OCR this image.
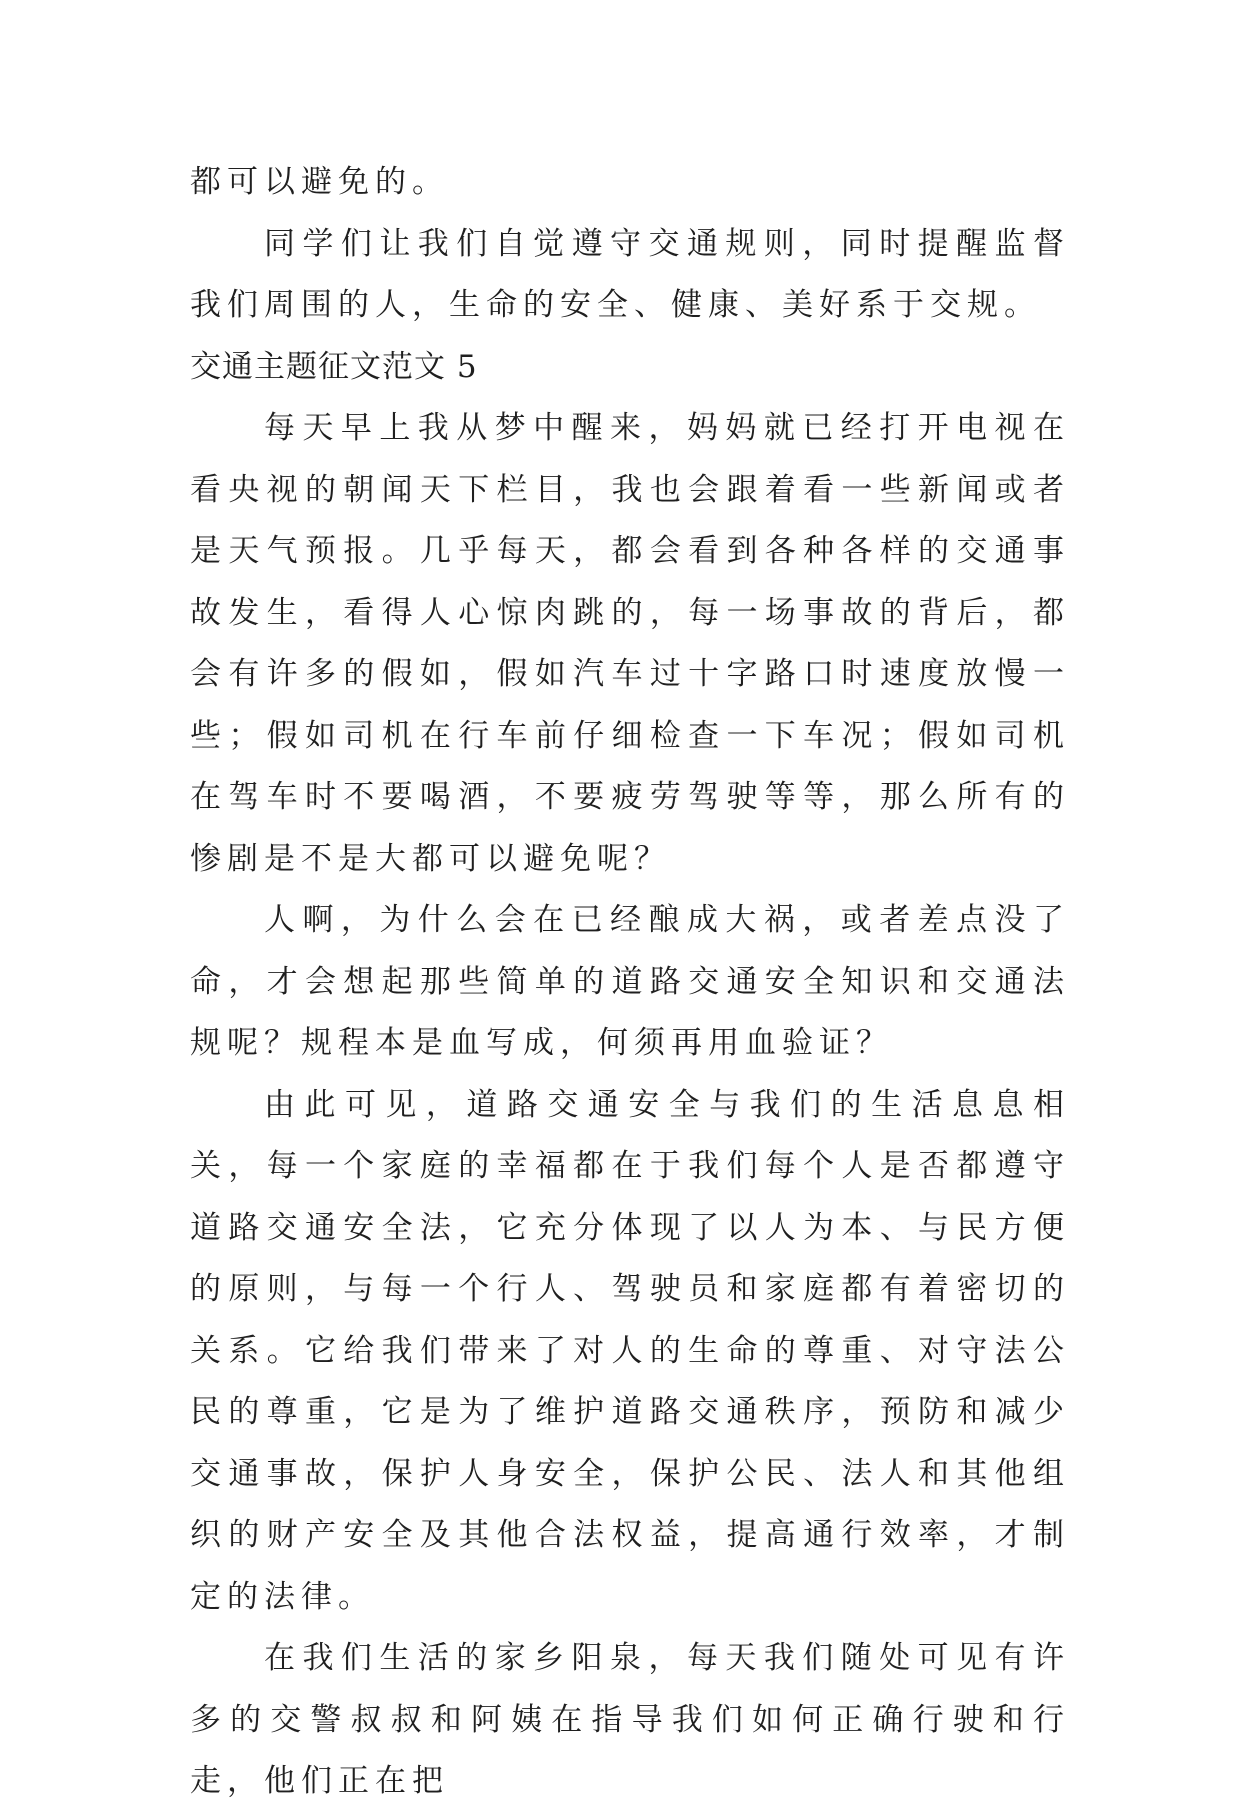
都可以避免的。

同学们让我们自觉遵守交通规则，同时提醒监督我们周围的人，生命的安全、健康、美好系于交规。

交通主题征文范文 5

每天早上我从梦中醒来，妈妈就已经打开电视在看央视的朝闻天下栏目，我也会跟着看一些新闻或者是天气预报。几乎每天，都会看到各种各样的交通事故发生，看得人心惊肉跳的，每一场事故的背后，都会有许多的假如，假如汽车过十字路口时速度放慢一些；假如司机在行车前仔细检查一下车况；假如司机在驾车时不要喝酒，不要疲劳驾驶等等，那么所有的惨剧是不是大都可以避免呢？

人啊，为什么会在已经酿成大祸，或者差点没了命，才会想起那些简单的道路交通安全知识和交通法规呢？规程本是血写成，何须再用血验证？

由此可见，道路交通安全与我们的生活息息相关，每一个家庭的幸福都在于我们每个人是否都遵守道路交通安全法，它充分体现了以人为本、与民方便的原则，与每一个行人、驾驶员和家庭都有着密切的关系。它给我们带来了对人的生命的尊重、对守法公民的尊重，它是为了维护道路交通秩序，预防和减少交通事故，保护人身安全，保护公民、法人和其他组织的财产安全及其他合法权益，提高通行效率，才制定的法律。

在我们生活的家乡阳泉，每天我们随处可见有许多的交警叔叔和阿姨在指导我们如何正确行驶和行走，他们正在把
